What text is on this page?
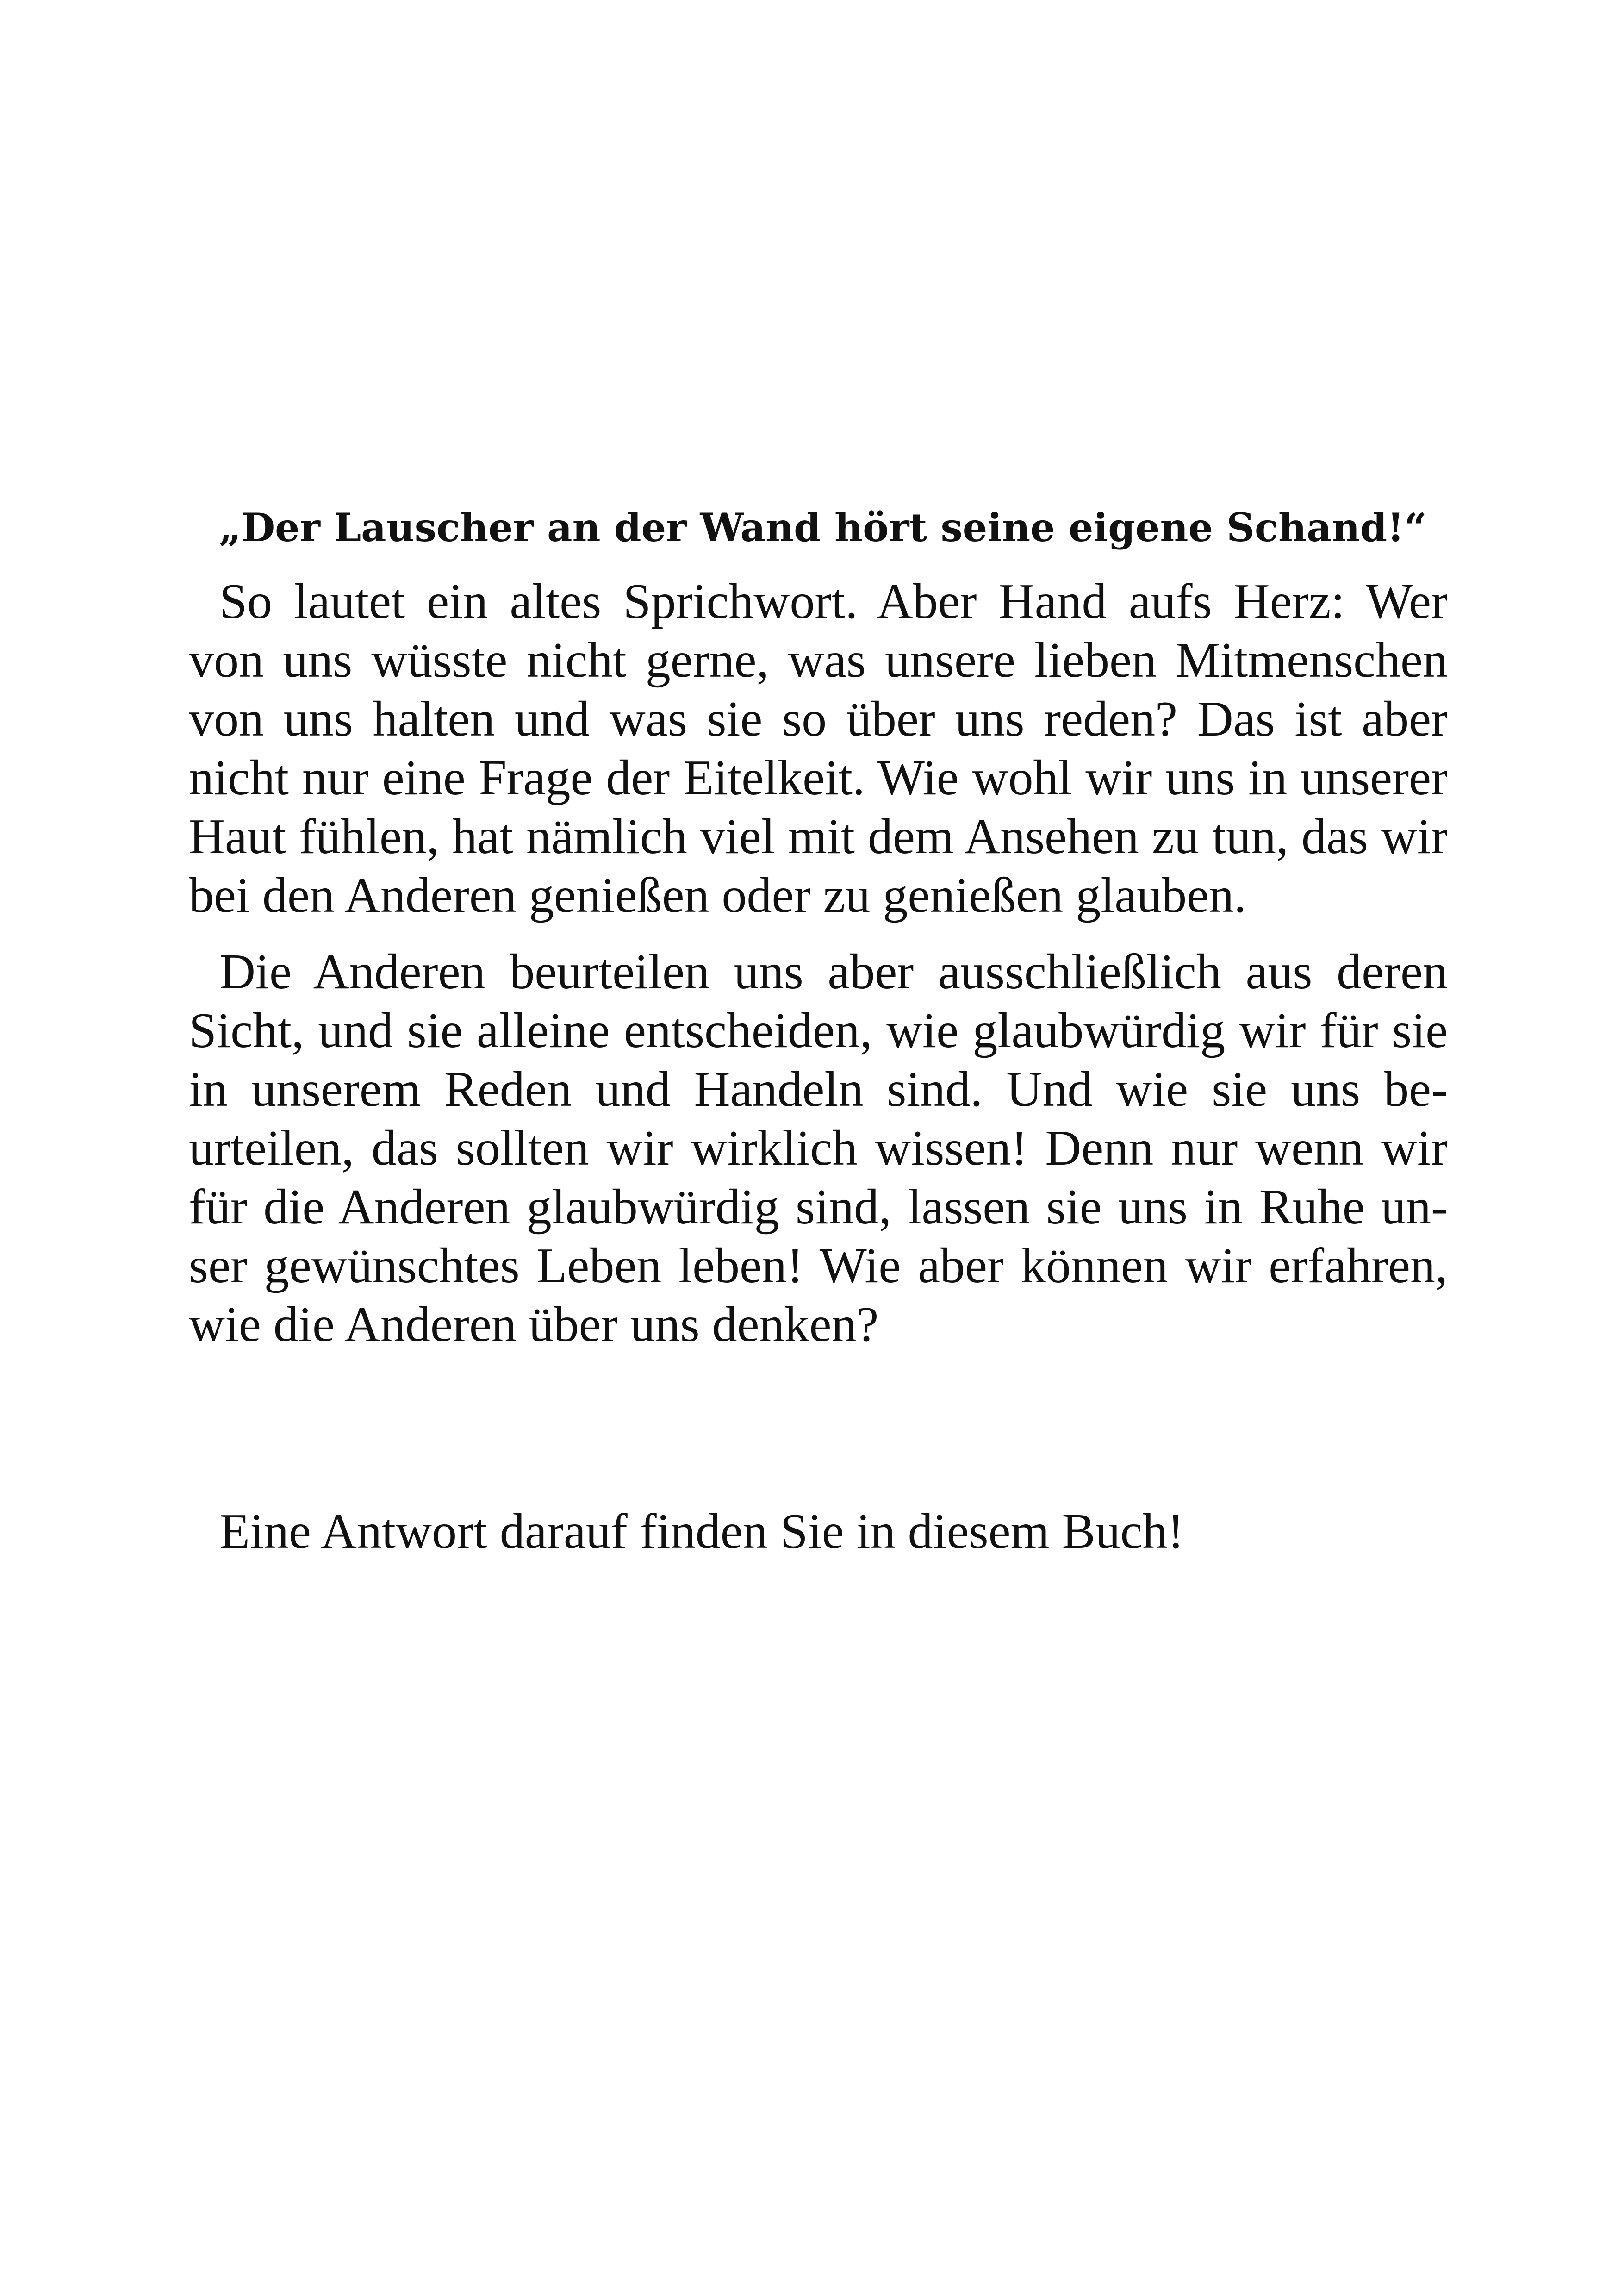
„Der Lauscher an der Wand hört seine eigene Schand!“

So lautet ein altes Sprichwort. Aber Hand aufs Herz: Wer von uns wüsste nicht gerne, was unsere lieben Mitmenschen von uns halten und was sie so über uns reden? Das ist aber nicht nur eine Frage der Eitelkeit. Wie wohl wir uns in unserer Haut fühlen, hat nämlich viel mit dem Ansehen zu tun, das wir bei den Anderen genießen oder zu genießen glauben.

Die Anderen beurteilen uns aber ausschließlich aus deren Sicht, und sie alleine entscheiden, wie glaubwürdig wir für sie in unserem Reden und Handeln sind. Und wie sie uns beurteilen, das sollten wir wirklich wissen! Denn nur wenn wir für die Anderen glaubwürdig sind, lassen sie uns in Ruhe unser gewünschtes Leben leben! Wie aber können wir erfahren, wie die Anderen über uns denken?

Eine Antwort darauf finden Sie in diesem Buch!
